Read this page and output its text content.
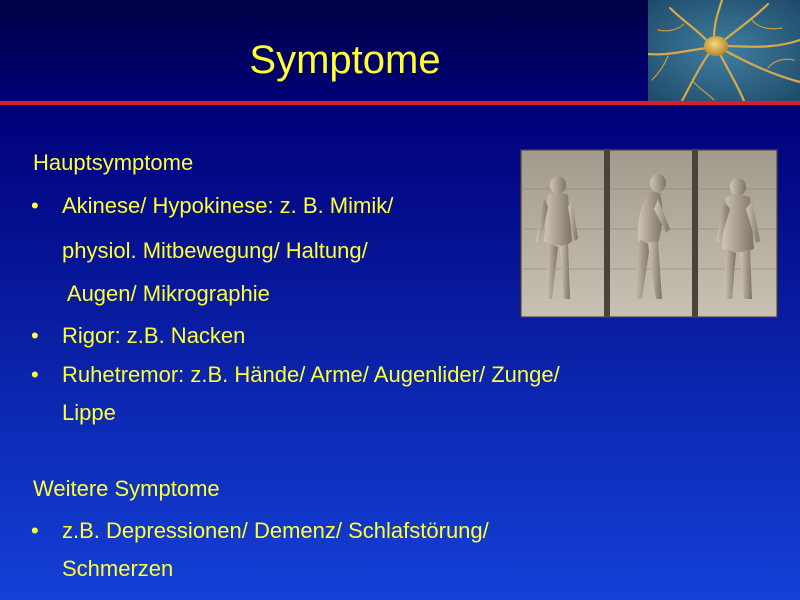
Symptome
Hauptsymptome
• Akinese/ Hypokinese: z. B. Mimik/
physiol. Mitbewegung/ Haltung/
Augen/ Mikrographie
• Rigor: z.B. Nacken
• Ruhetremor: z.B. Hände/ Arme/ Augenlider/ Zunge/
Lippe
Weitere Symptome
• z.B. Depressionen/ Demenz/ Schlafstörung/
Schmerzen
